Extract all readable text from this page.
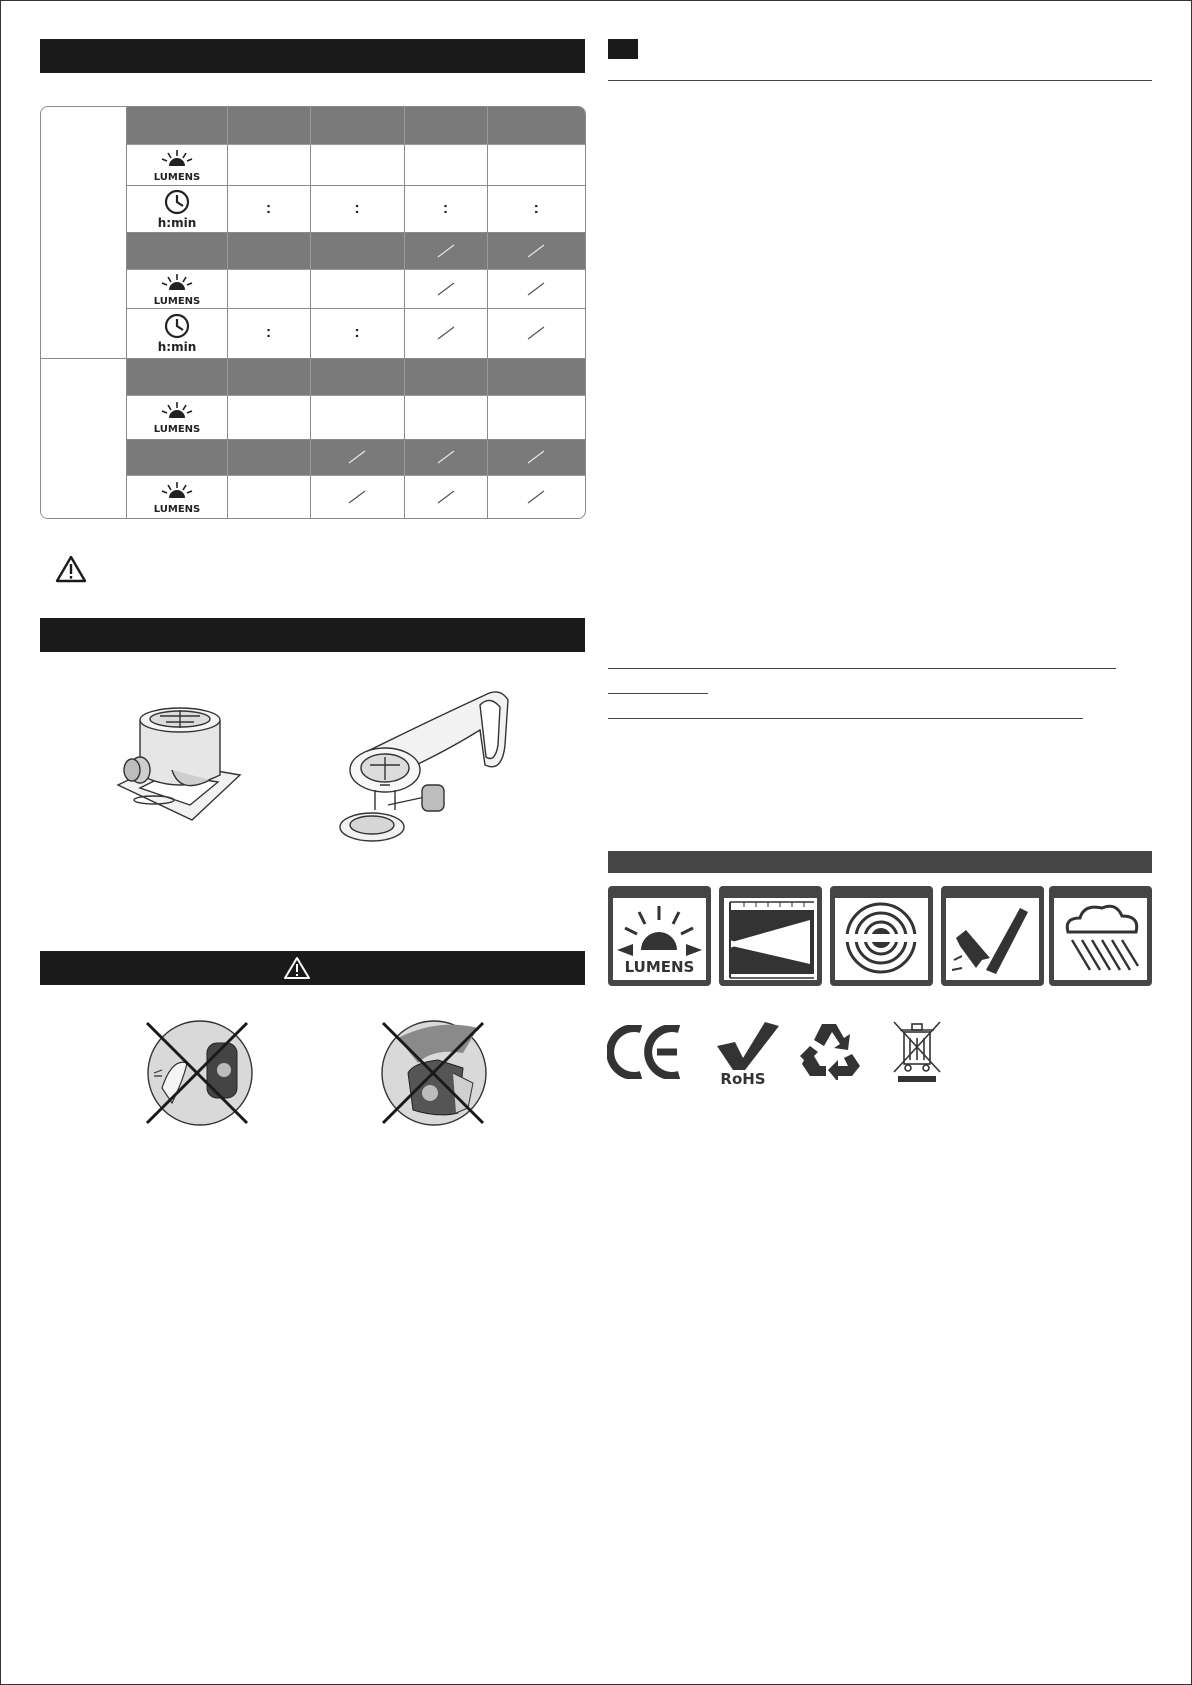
LUMENS				

h:min	:	:	:	:

LUMENS

h:min	:	:	

LUMENS				

LUMENS

LUMENS
RoHS
